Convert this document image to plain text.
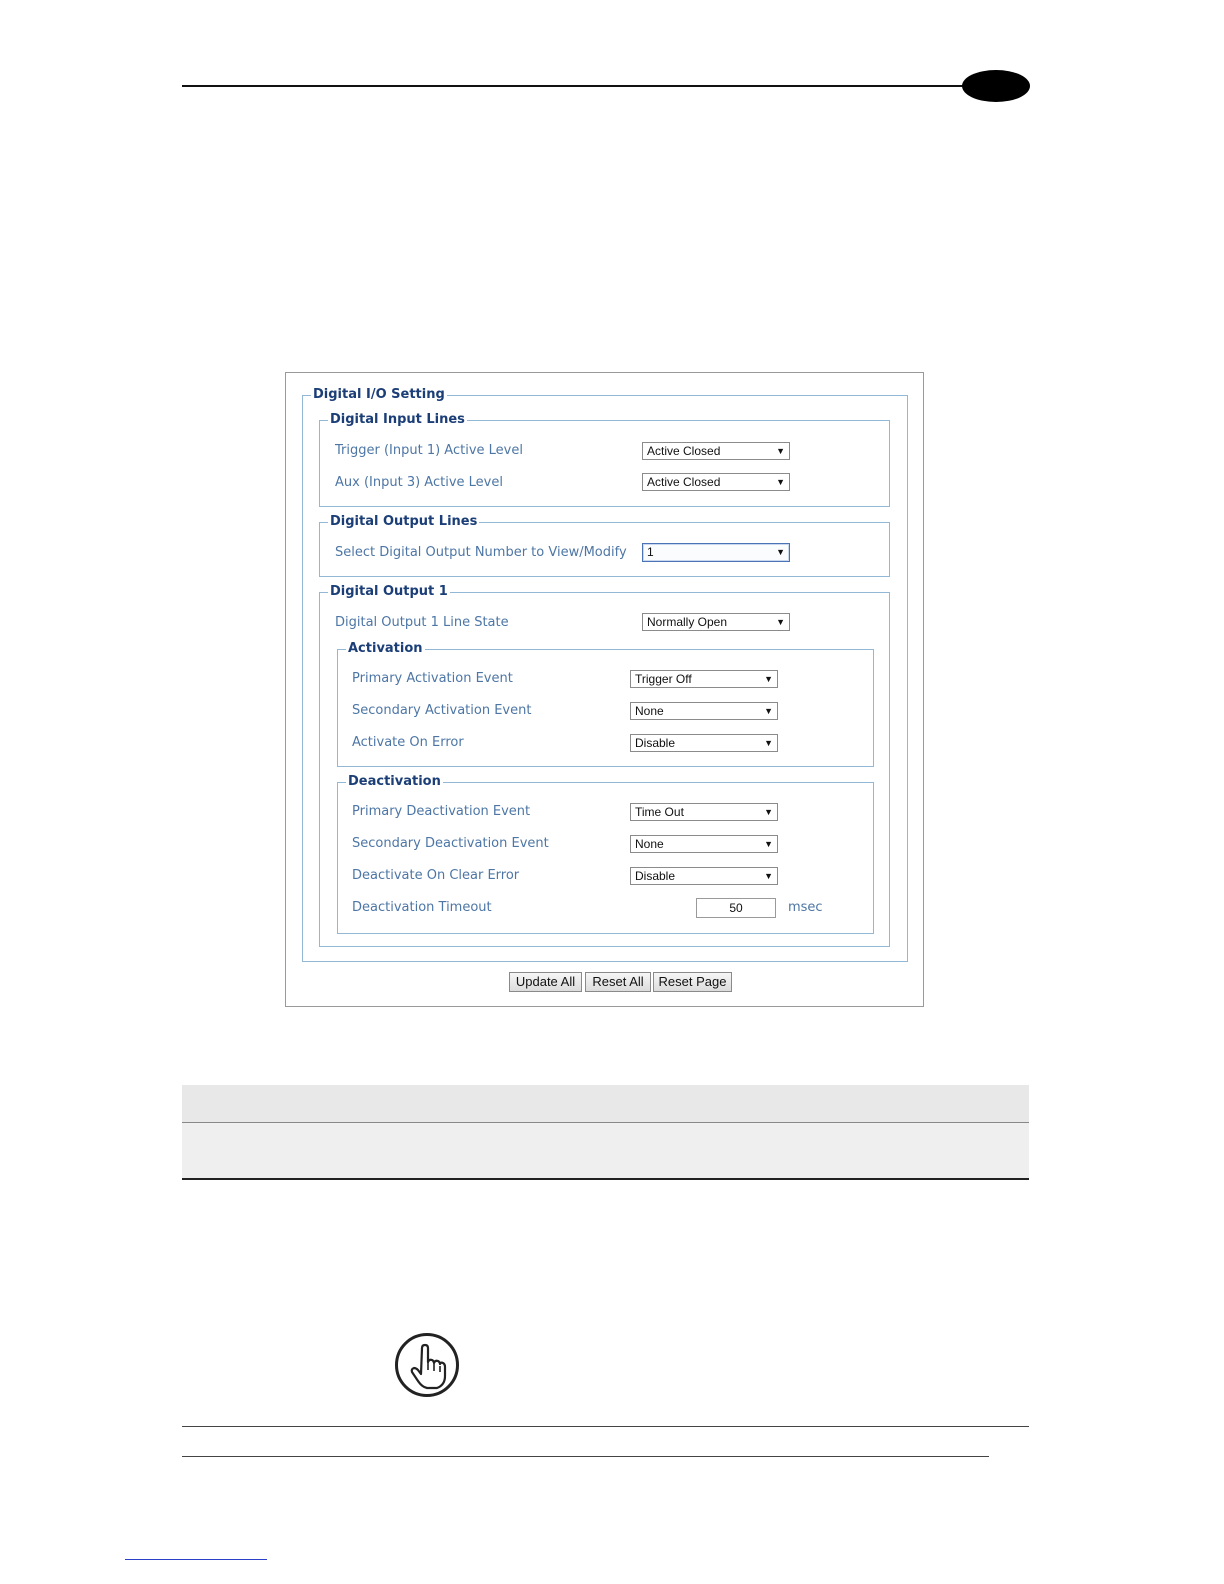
Digital I/O Setting
Digital Input Lines
Trigger (Input 1) Active Level	Active Closed	▼
Aux (Input 3) Active Level	Active Closed	▼
Digital Output Lines
Select Digital Output Number to View/Modify	1	▼
Digital Output 1
Digital Output 1 Line State	Normally Open	▼
Activation
Primary Activation Event	Trigger Off	▼
Secondary Activation Event	None	▼
Activate On Error	Disable	▼
Deactivation
Primary Deactivation Event	Time Out	▼
Secondary Deactivation Event	None	▼
Deactivate On Clear Error	Disable	▼
Deactivation Timeout	50	msec
Update All	Reset All	Reset Page
